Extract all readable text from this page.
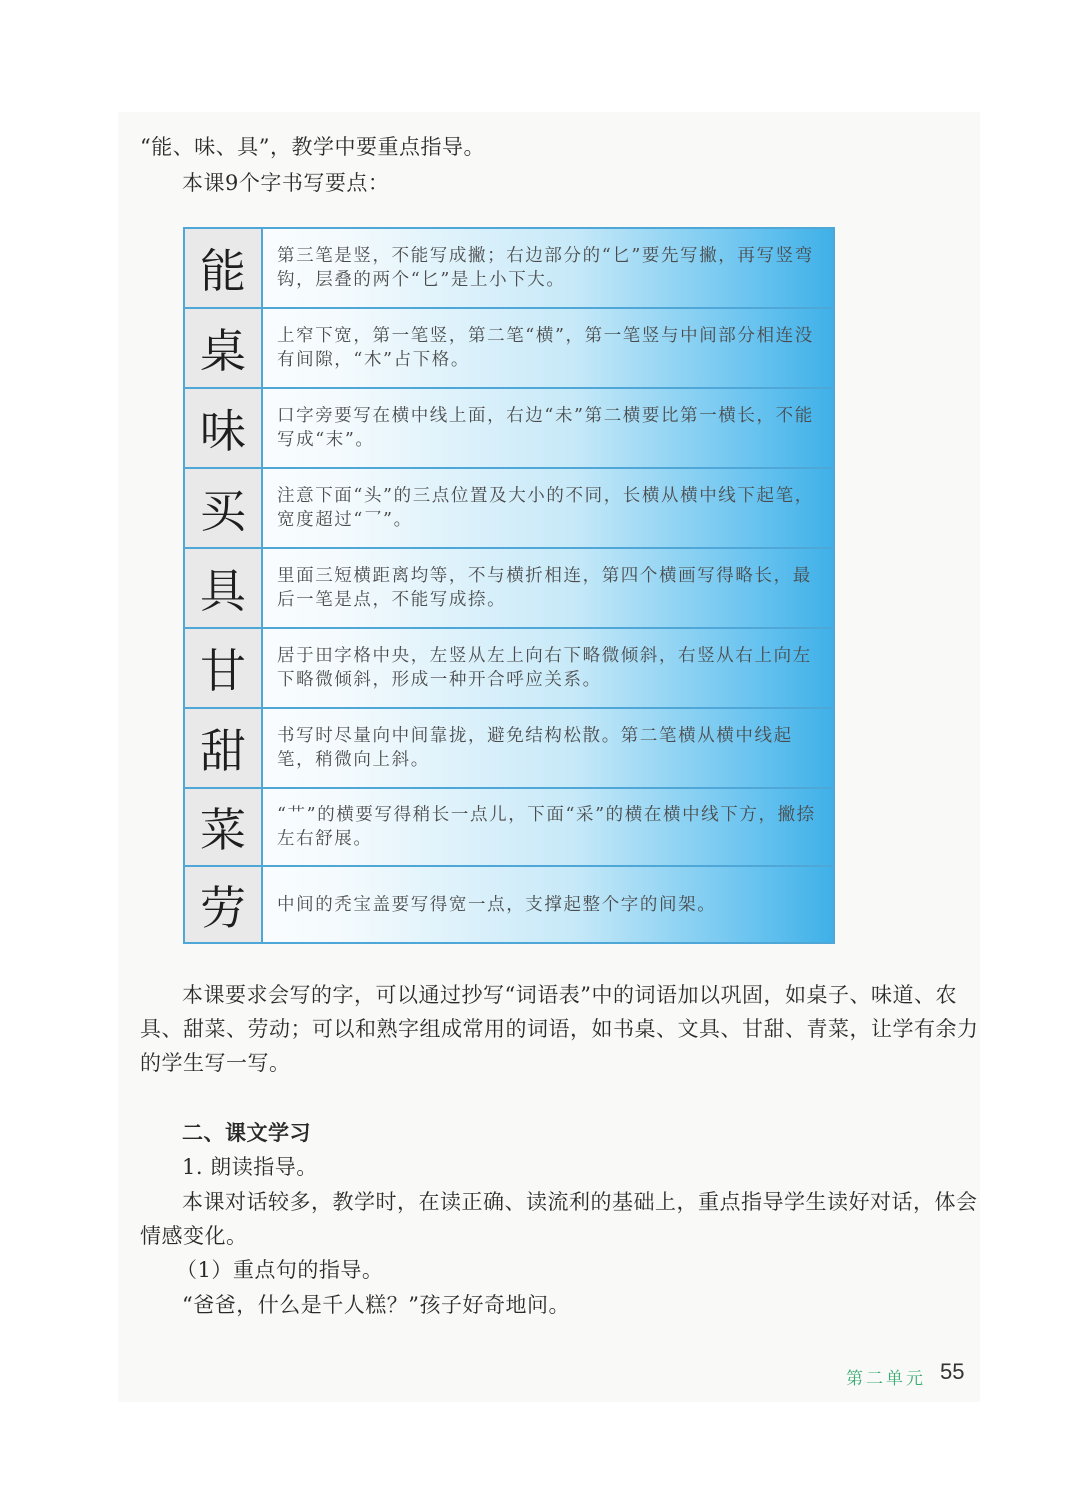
“能、味、具”，教学中要重点指导。
本课9个字书写要点：
能	第三笔是竖，不能写成撇；右边部分的“匕”要先写撇，再写竖弯钩，层叠的两个“匕”是上小下大。
桌	上窄下宽，第一笔竖，第二笔“横”，第一笔竖与中间部分相连没有间隙，“木”占下格。
味	口字旁要写在横中线上面，右边“未”第二横要比第一横长，不能写成“末”。
买	注意下面“头”的三点位置及大小的不同，长横从横中线下起笔，宽度超过“乛”。
具	里面三短横距离均等，不与横折相连，第四个横画写得略长，最后一笔是点，不能写成捺。
甘	居于田字格中央，左竖从左上向右下略微倾斜，右竖从右上向左下略微倾斜，形成一种开合呼应关系。
甜	书写时尽量向中间靠拢，避免结构松散。第二笔横从横中线起笔，稍微向上斜。
菜	“艹”的横要写得稍长一点儿，下面“采”的横在横中线下方，撇捺左右舒展。
劳	中间的秃宝盖要写得宽一点，支撑起整个字的间架。
本课要求会写的字，可以通过抄写“词语表”中的词语加以巩固，如桌子、味道、农
具、甜菜、劳动；可以和熟字组成常用的词语，如书桌、文具、甘甜、青菜，让学有余力
的学生写一写。
二、课文学习
1. 朗读指导。
本课对话较多，教学时，在读正确、读流利的基础上，重点指导学生读好对话，体会
情感变化。
（1）重点句的指导。
“爸爸，什么是千人糕？”孩子好奇地问。
第二单元 55
